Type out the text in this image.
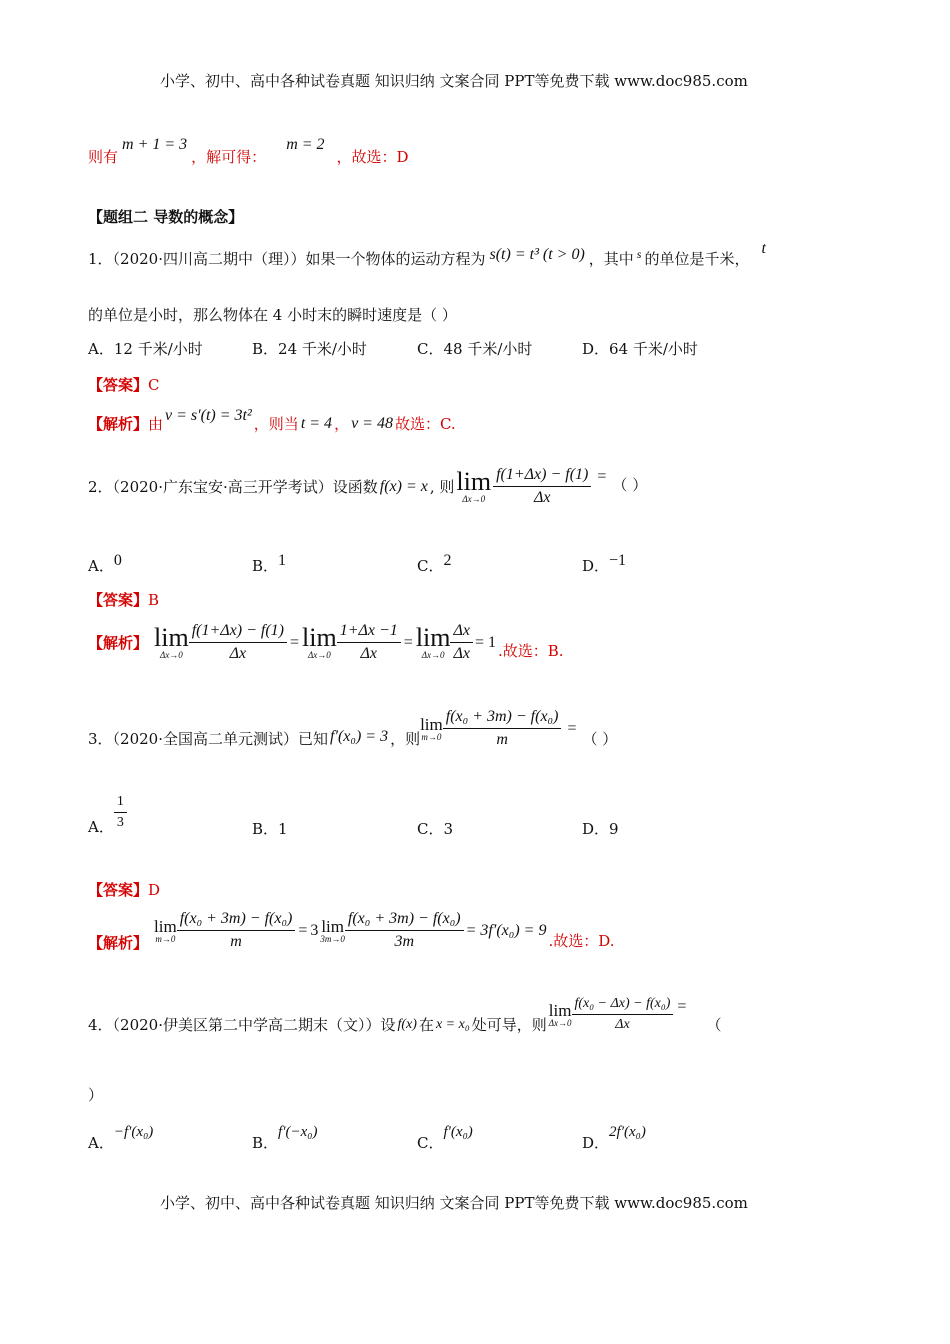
小学、初中、高中各种试卷真题 知识归纳 文案合同 PPT等免费下载 www.doc985.com
则有
m + 1 = 3
，解可得：
m = 2
，故选：D
【题组二 导数的概念】
1．（2020·四川高二期中（理））如果一个物体的运动方程为 s(t) = t³ (t > 0) ，其中 s 的单位是千米，
t
的单位是小时，那么物体在 4 小时末的瞬时速度是（ ）
A．12 千米/小时	B．24 千米/小时	C．48 千米/小时	D．64 千米/小时
【答案】C
【解析】 由 v = s′(t) = 3t² ，则当 t = 4 ， v = 48 故选：C.
2．（2020·广东宝安·高三开学考试）设函数 f(x) = x , 则 lim
$\Delta x\to 0 \frac{f(1+\Delta x) - f(1)}{\Delta x}$ = （ ）
A． 0	B． 1	C． 2	D． −1
【答案】B
【解析】 lim
$\Delta x\to 0 \frac{f(1+\Delta x) - f(1)}{\Delta x} = \lim$
$\Delta x\to 0 \frac{1+\Delta x -1}{\Delta x} = \lim$
$\Delta x\to 0 \frac{\Delta x}{\Delta x} = 1$ .故选：B.
3．（2020·全国高二单元测试）已知 f′(x₀) = 3 ，则
lim
$m\to 0 \frac{\text{f(x₀ + 3m) − f(x₀)}}{m}$ =
（ ）
A． $\frac{1}{3}$	B．1	C．3	D．9
【答案】D
【解析】
lim
$m\to 0 \frac{\text{f(x₀ + 3m) − f(x₀)}}{m} = 3$ lim
$3m\to 0 \frac{\text{f(x₀ + 3m) − f(x₀)}}{3m} = 3f'(x_0) = 9$
.故选：D.
4．（2020·伊美区第二中学高二期末（文））设 f(x) 在 x = x₀ 处可导，则
lim
$\Delta x\to 0 \frac{\text{f(x₀ − Δx) − f(x₀)}}{\Delta x}$ =
（
）
A．
−f′(x₀)
B．
f′(−x₀)
C．
f′(x₀)
D．
2f′(x₀)
小学、初中、高中各种试卷真题 知识归纳 文案合同 PPT等免费下载 www.doc985.com
